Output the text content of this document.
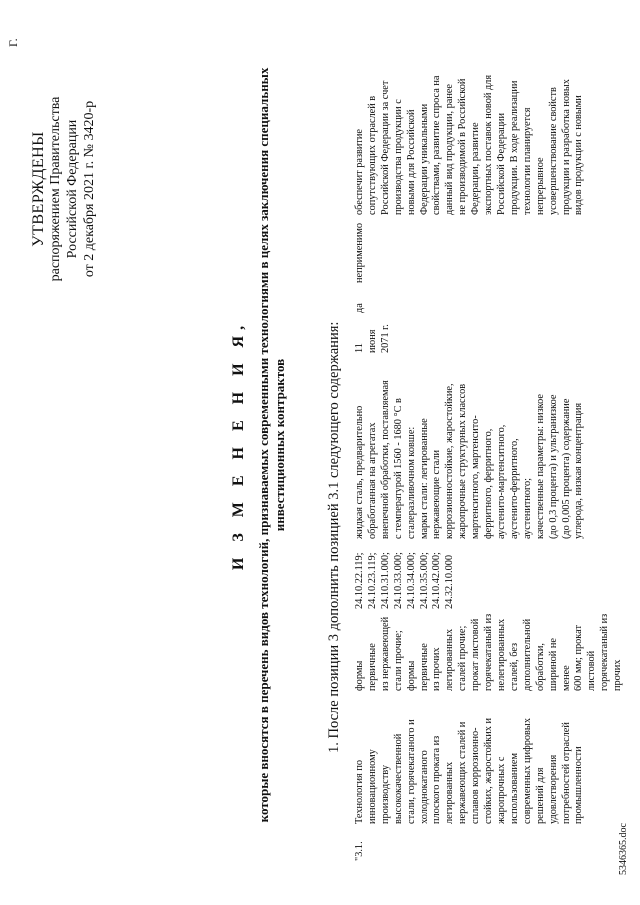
Г.
УТВЕРЖДЕНЫ распоряжением Правительства Российской Федерации от 2 декабря 2021 г. № 3420-р
И З М Е Н Е Н И Я, которые вносятся в перечень видов технологий, признаваемых современными технологиями в целях заключения специальных инвестиционных контрактов	1. После позиции 3 дополнить позицией 3.1 следующего содержания:
"3.1.
Технология по
инновационному
производству
высококачественной
стали, горячекатаного и
холоднокатаного
плоского проката из
легированных
нержавеющих сталей и
сплавов коррозионно-
стойких, жаростойких и
жаропрочных с
использованием
современных цифровых
решений для
удовлетворения
потребностей отраслей
промышленности
формы первичные
из нержавеющей
стали прочие;
формы первичные
из прочих
легированных
сталей прочие;
прокат листовой
горячекатаный из
нелегированных
сталей, без
дополнительной
обработки,
шириной не менее
600 мм; прокат
листовой
горячекатаный из
прочих
24.10.22.119;
24.10.23.119;
24.10.31.000;
24.10.33.000;
24.10.34.000;
24.10.35.000;
24.10.42.000;
24.32.10.000
жидкая сталь, предварительно
обработанная на агрегатах
внепечной обработки, поставляемая
с температурой 1560 - 1680 °С в
сталеразливочном ковше:
марки стали: легированные
нержавеющие стали
коррозионностойкие, жаростойкие,
жаропрочные структурных классов
мартенситного, мартенсито-
ферритного, ферритного,
аустенито-мартенситного,
аустенито-ферритного,
аустенитного;
качественные параметры: низкое
(до 0,3 процента) и ультранизкое
(до 0,005 процента) содержание
углерода, низкая концентрация
11 июня
2071 г.
да
неприменимо
обеспечит развитие
сопутствующих отраслей в
Российской Федерации за счет
производства продукции с
новыми для Российской
Федерации уникальными
свойствами, развитие спроса на
данный вид продукции, ранее
не производимой в Российской
Федерации, развитие
экспортных поставок новой для
Российской Федерации
продукции. В ходе реализации
технологии планируется
непрерывное
усовершенствование свойств
продукции и разработка новых
видов продукции с новыми
5346365.doc
